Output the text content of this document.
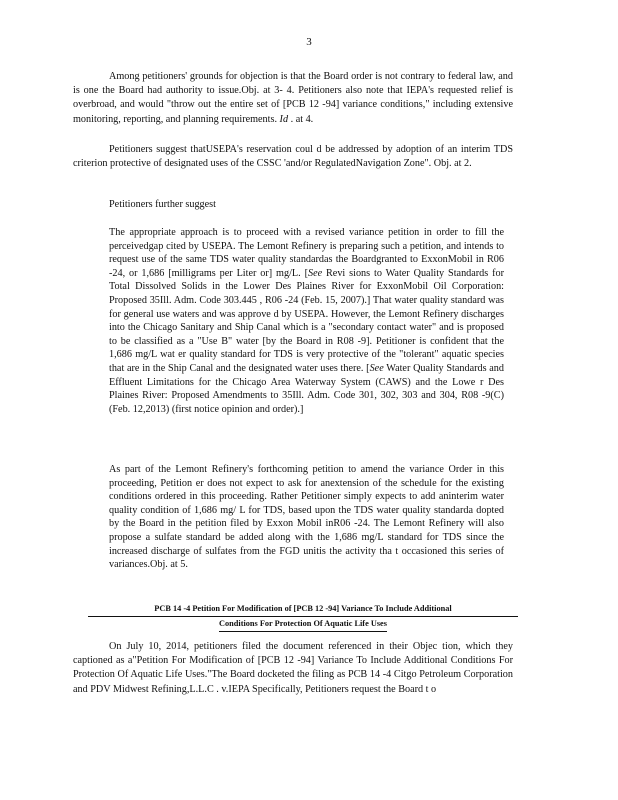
3

Among petitioners' grounds for objection is that the Board order is not contrary to federal law, and is one the Board had authority to issue.Obj. at 3- 4. Petitioners also note that IEPA's requested relief is overbroad, and would "throw out the entire set of [PCB 12 -94] variance conditions," including extensive monitoring, reporting, and planning requirements. Id . at 4.

Petitioners suggest thatUSEPA's reservation coul d be addressed by adoption of an interim TDS criterion protective of designated uses of the CSSC 'and/or RegulatedNavigation Zone". Obj. at 2.

Petitioners further suggest

The appropriate approach is to proceed with a revised variance petition in order to fill the perceivedgap cited by USEPA. The Lemont Refinery is preparing such a petition, and intends to request use of the same TDS water quality standardas the Boardgranted to ExxonMobil in R06 -24, or 1,686 [milligrams per Liter or] mg/L. [See Revi sions to Water Quality Standards for Total Dissolved Solids in the Lower Des Plaines River for ExxonMobil Oil Corporation: Proposed 35Ill. Adm. Code 303.445 , R06 -24 (Feb. 15, 2007).] That water quality standard was for general use waters and was approve d by USEPA. However, the Lemont Refinery discharges into the Chicago Sanitary and Ship Canal which is a "secondary contact water" and is proposed to be classified as a "Use B" water [by the Board in R08 -9]. Petitioner is confident that the 1,686 mg/L wat er quality standard for TDS is very protective of the "tolerant" aquatic species that are in the Ship Canal and the designated water uses there. [See Water Quality Standards and Effluent Limitations for the Chicago Area Waterway System (CAWS) and the Lowe r Des Plaines River: Proposed Amendments to 35Ill. Adm. Code 301, 302, 303 and 304, R08 -9(C) (Feb. 12,2013) (first notice opinion and order).]

As part of the Lemont Refinery's forthcoming petition to amend the variance Order in this proceeding, Petition er does not expect to ask for anextension of the schedule for the existing conditions ordered in this proceeding. Rather Petitioner simply expects to add aninterim water quality condition of 1,686 mg/ L for TDS, based upon the TDS water quality standarda dopted by the Board in the petition filed by Exxon Mobil inR06 -24. The Lemont Refinery will also propose a sulfate standard be added along with the 1,686 mg/L standard for TDS since the increased discharge of sulfates from the FGD unitis the activity tha t occasioned this series of variances.Obj. at 5.

PCB 14 -4 Petition For Modification of [PCB 12 -94] Variance To Include Additional
Conditions For Protection Of Aquatic Life Uses

On July 10, 2014, petitioners filed the document referenced in their Objec tion, which they captioned as a"Petition For Modification of [PCB 12 -94] Variance To Include Additional Conditions For Protection Of Aquatic Life Uses."The Board docketed the filing as PCB 14 -4 Citgo Petroleum Corporation and PDV Midwest Refining,L.L.C . v.IEPA Specifically, Petitioners request the Board t o
